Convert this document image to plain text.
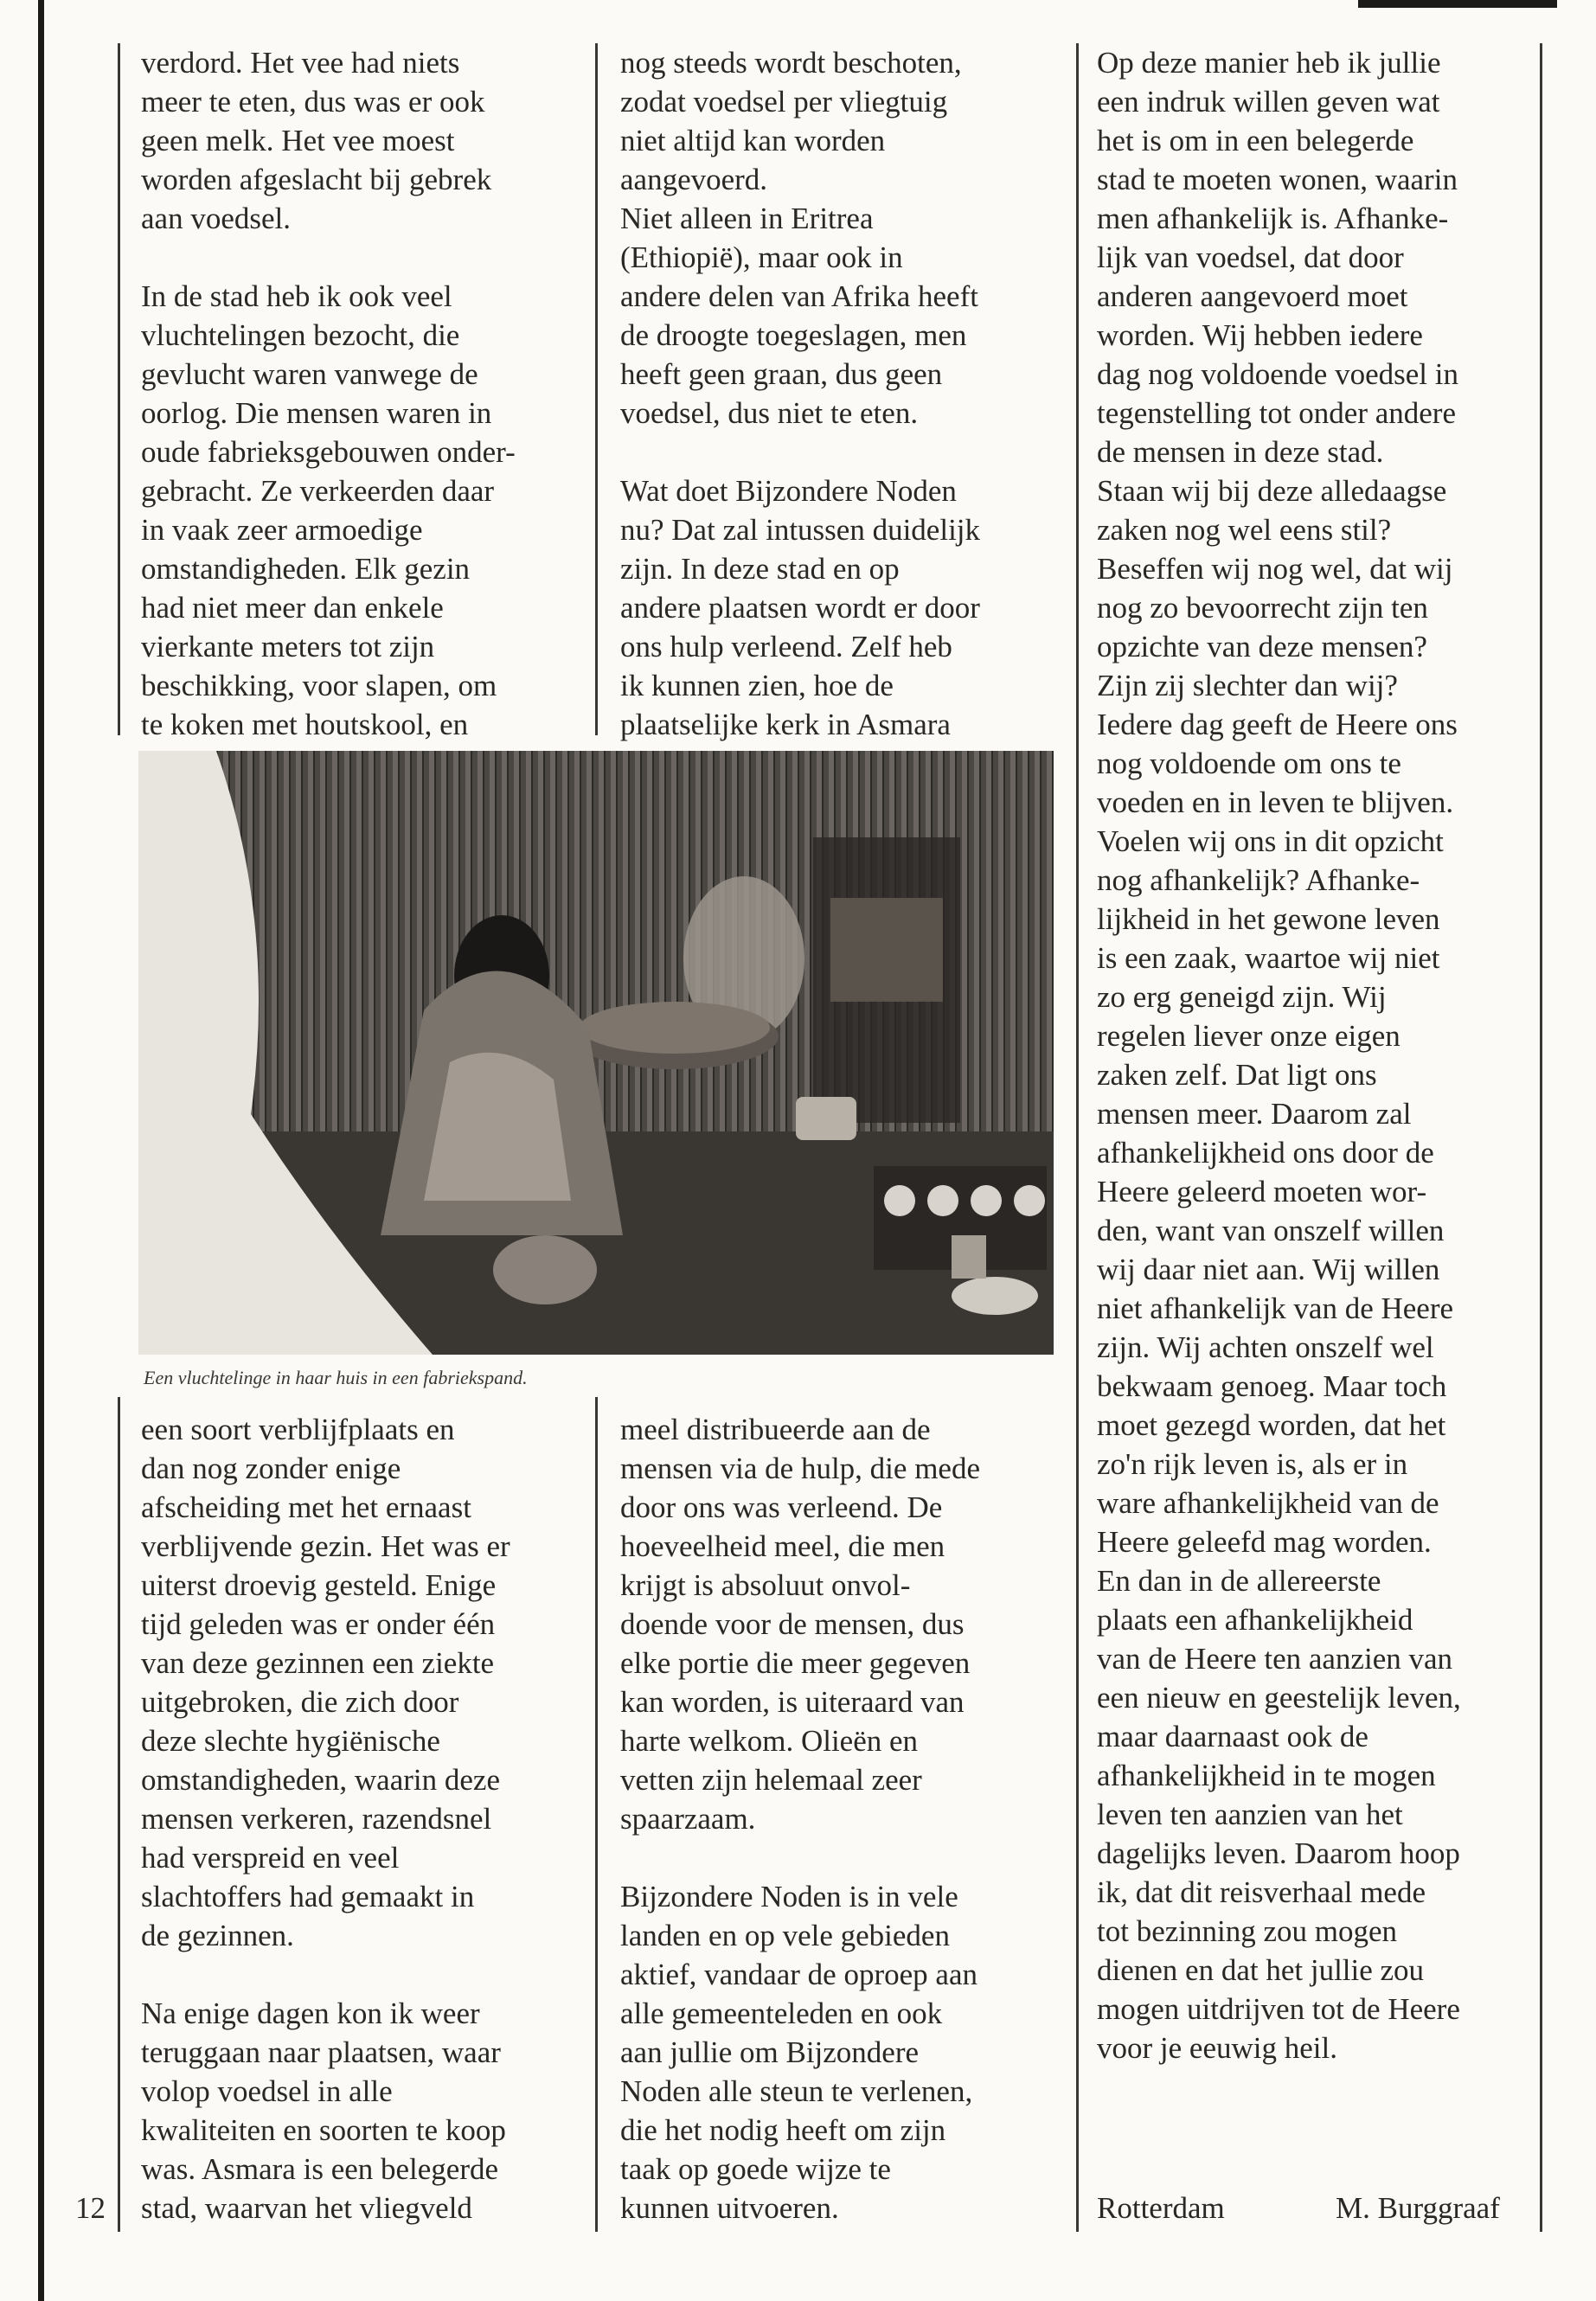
verdord. Het vee had niets
meer te eten, dus was er ook
geen melk. Het vee moest
worden afgeslacht bij gebrek
aan voedsel.

In de stad heb ik ook veel
vluchtelingen bezocht, die
gevlucht waren vanwege de
oorlog. Die mensen waren in
oude fabrieksgebouwen onder-
gebracht. Ze verkeerden daar
in vaak zeer armoedige
omstandigheden. Elk gezin
had niet meer dan enkele
vierkante meters tot zijn
beschikking, voor slapen, om
te koken met houtskool, en

nog steeds wordt beschoten,
zodat voedsel per vliegtuig
niet altijd kan worden
aangevoerd.
Niet alleen in Eritrea
(Ethiopië), maar ook in
andere delen van Afrika heeft
de droogte toegeslagen, men
heeft geen graan, dus geen
voedsel, dus niet te eten.

Wat doet Bijzondere Noden
nu? Dat zal intussen duidelijk
zijn. In deze stad en op
andere plaatsen wordt er door
ons hulp verleend. Zelf heb
ik kunnen zien, hoe de
plaatselijke kerk in Asmara

Een vluchtelinge in haar huis in een fabriekspand.

een soort verblijfplaats en
dan nog zonder enige
afscheiding met het ernaast
verblijvende gezin. Het was er
uiterst droevig gesteld. Enige
tijd geleden was er onder één
van deze gezinnen een ziekte
uitgebroken, die zich door
deze slechte hygiënische
omstandigheden, waarin deze
mensen verkeren, razendsnel
had verspreid en veel
slachtoffers had gemaakt in
de gezinnen.

Na enige dagen kon ik weer
teruggaan naar plaatsen, waar
volop voedsel in alle
kwaliteiten en soorten te koop
was. Asmara is een belegerde
stad, waarvan het vliegveld

meel distribueerde aan de
mensen via de hulp, die mede
door ons was verleend. De
hoeveelheid meel, die men
krijgt is absoluut onvol-
doende voor de mensen, dus
elke portie die meer gegeven
kan worden, is uiteraard van
harte welkom. Olieën en
vetten zijn helemaal zeer
spaarzaam.

Bijzondere Noden is in vele
landen en op vele gebieden
aktief, vandaar de oproep aan
alle gemeenteleden en ook
aan jullie om Bijzondere
Noden alle steun te verlenen,
die het nodig heeft om zijn
taak op goede wijze te
kunnen uitvoeren.

Op deze manier heb ik jullie
een indruk willen geven wat
het is om in een belegerde
stad te moeten wonen, waarin
men afhankelijk is. Afhanke-
lijk van voedsel, dat door
anderen aangevoerd moet
worden. Wij hebben iedere
dag nog voldoende voedsel in
tegenstelling tot onder andere
de mensen in deze stad.
Staan wij bij deze alledaagse
zaken nog wel eens stil?
Beseffen wij nog wel, dat wij
nog zo bevoorrecht zijn ten
opzichte van deze mensen?
Zijn zij slechter dan wij?
Iedere dag geeft de Heere ons
nog voldoende om ons te
voeden en in leven te blijven.
Voelen wij ons in dit opzicht
nog afhankelijk? Afhanke-
lijkheid in het gewone leven
is een zaak, waartoe wij niet
zo erg geneigd zijn. Wij
regelen liever onze eigen
zaken zelf. Dat ligt ons
mensen meer. Daarom zal
afhankelijkheid ons door de
Heere geleerd moeten wor-
den, want van onszelf willen
wij daar niet aan. Wij willen
niet afhankelijk van de Heere
zijn. Wij achten onszelf wel
bekwaam genoeg. Maar toch
moet gezegd worden, dat het
zo'n rijk leven is, als er in
ware afhankelijkheid van de
Heere geleefd mag worden.
En dan in de allereerste
plaats een afhankelijkheid
van de Heere ten aanzien van
een nieuw en geestelijk leven,
maar daarnaast ook de
afhankelijkheid in te mogen
leven ten aanzien van het
dagelijks leven. Daarom hoop
ik, dat dit reisverhaal mede
tot bezinning zou mogen
dienen en dat het jullie zou
mogen uitdrijven tot de Heere
voor je eeuwig heil.

12	Rotterdam	M. Burggraaf
